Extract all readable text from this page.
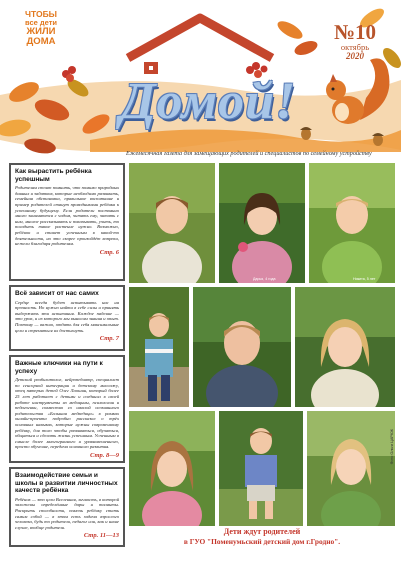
ЧТОБЫ
все дети
ЖИЛИ
ДОМА	№10
октябрь
2020
Домой!
Ежемесячная газета для замещающих родителей и специалистов по семейному устройству
Как вырастить ребёнка успешным

Родителям стоит помнить, что помимо природных данных и задатков, которые необходимо развивать, семейная обстановка, правильное воспитание и пример родителей станут проводниками ребёнка к успешному будущему. Если родители постоянно много занимаются с чадом, читать ему, читать с ним, многое рассказывать и показывать, учить, то посадить такое растение нужно. Возможно, ребёнок и станет успешным в какой-то деятельности, но это скорее произойдёт вопреки, нежели благодаря родителям.

Стр. 6
Всё зависит от нас самих

Сердце всегда будет испытывать нас на прочность. Но нужно найти в себе силы и принять выдержать эти испытания. Каждое падение — это урок, и из которого мы выносим знания и опыт. Поэтому — важно, отдать для себя максимальные цели и стремиться их достигнуть.

Стр. 7
Важные ключики на пути к успеху

Детский реабилитолог, нейропедиатр, специалист по сенсорной интеграции и детскому массажу, отец пятерых детей Олег Лаошин, который более 25 лет работает с детьми и соединил в своей работе инструменты из медицины, психологии и педагогики, совместно со школой осознанного родительства «Большая медведица» в рамках онлайн-проекта подробно рассказал о трёх основных навыках, которые нужны современному ребёнку, для того чтобы развиваться, обучаться, общаться и сделать жизнь успешным. Успешным в смысле более многогранного и уравновешенного, просто обучение, передача основного развития.

Стр. 8—9
Взаимодействие семьи и школы в развитии личностных качеств ребёнка

Ребёнок — это цели Вселенная, личность, в которой заложены определённые дары и таланты. Раскрыть способности, помочь ребёнку стать самим собой — в этом есть задача взрослого человека, будь то родители, педагог или, как и наше случае, вообще родители.

Стр. 11—13
Дарья, 4 года	Никита, 5 лет
Фото Ольги ЦАРЮК
Дети ждут родителей
в ГУО "Поменумьский детский дом г.Гродно".
